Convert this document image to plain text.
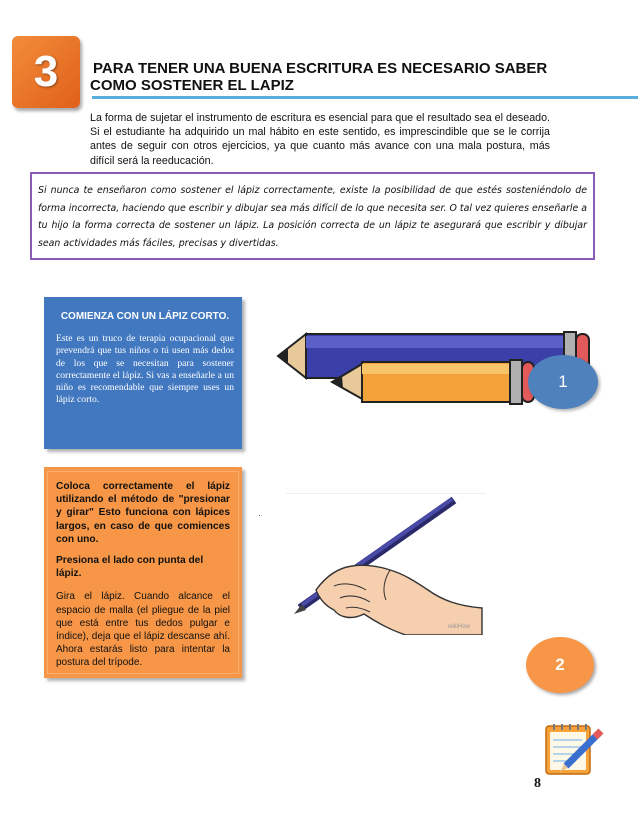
3 PARA TENER UNA BUENA ESCRITURA ES NECESARIO SABER
COMO SOSTENER EL LAPIZ
La forma de sujetar el instrumento de escritura es esencial para que el resultado sea el deseado. Si el estudiante ha adquirido un mal hábito en este sentido, es imprescindible que se le corrija antes de seguir con otros ejercicios, ya que cuanto más avance con una mala postura, más difícil será la reeducación.

Si nunca te enseñaron como sostener el lápiz correctamente, existe la posibilidad de que estés sosteniéndolo de forma incorrecta, haciendo que escribir y dibujar sea más difícil de lo que necesita ser. O tal vez quieres enseñarle a tu hijo la forma correcta de sostener un lápiz. La posición correcta de un lápiz te asegurará que escribir y dibujar sean actividades más fáciles, precisas y divertidas.

COMIENZA CON UN LÁPIZ CORTO.

Este es un truco de terapia ocupacional que prevendrá que tus niños o tú usen más dedos de los que se necesitan para sostener correctamente el lápiz. Si vas a enseñarle a un niño es recomendable que siempre uses un lápiz corto.

1

Coloca correctamente el lápiz utilizando el método de "presionar y girar" Esto funciona con lápices largos, en caso de que comiences con uno.

Presiona el lado con punta del lápiz.

Gira el lápiz. Cuando alcance el espacio de malla (el pliegue de la piel que está entre tus dedos pulgar e índice), deja que el lápiz descanse ahí. Ahora estarás listo para intentar la postura del trípode.

·
wikiHow
2
8
